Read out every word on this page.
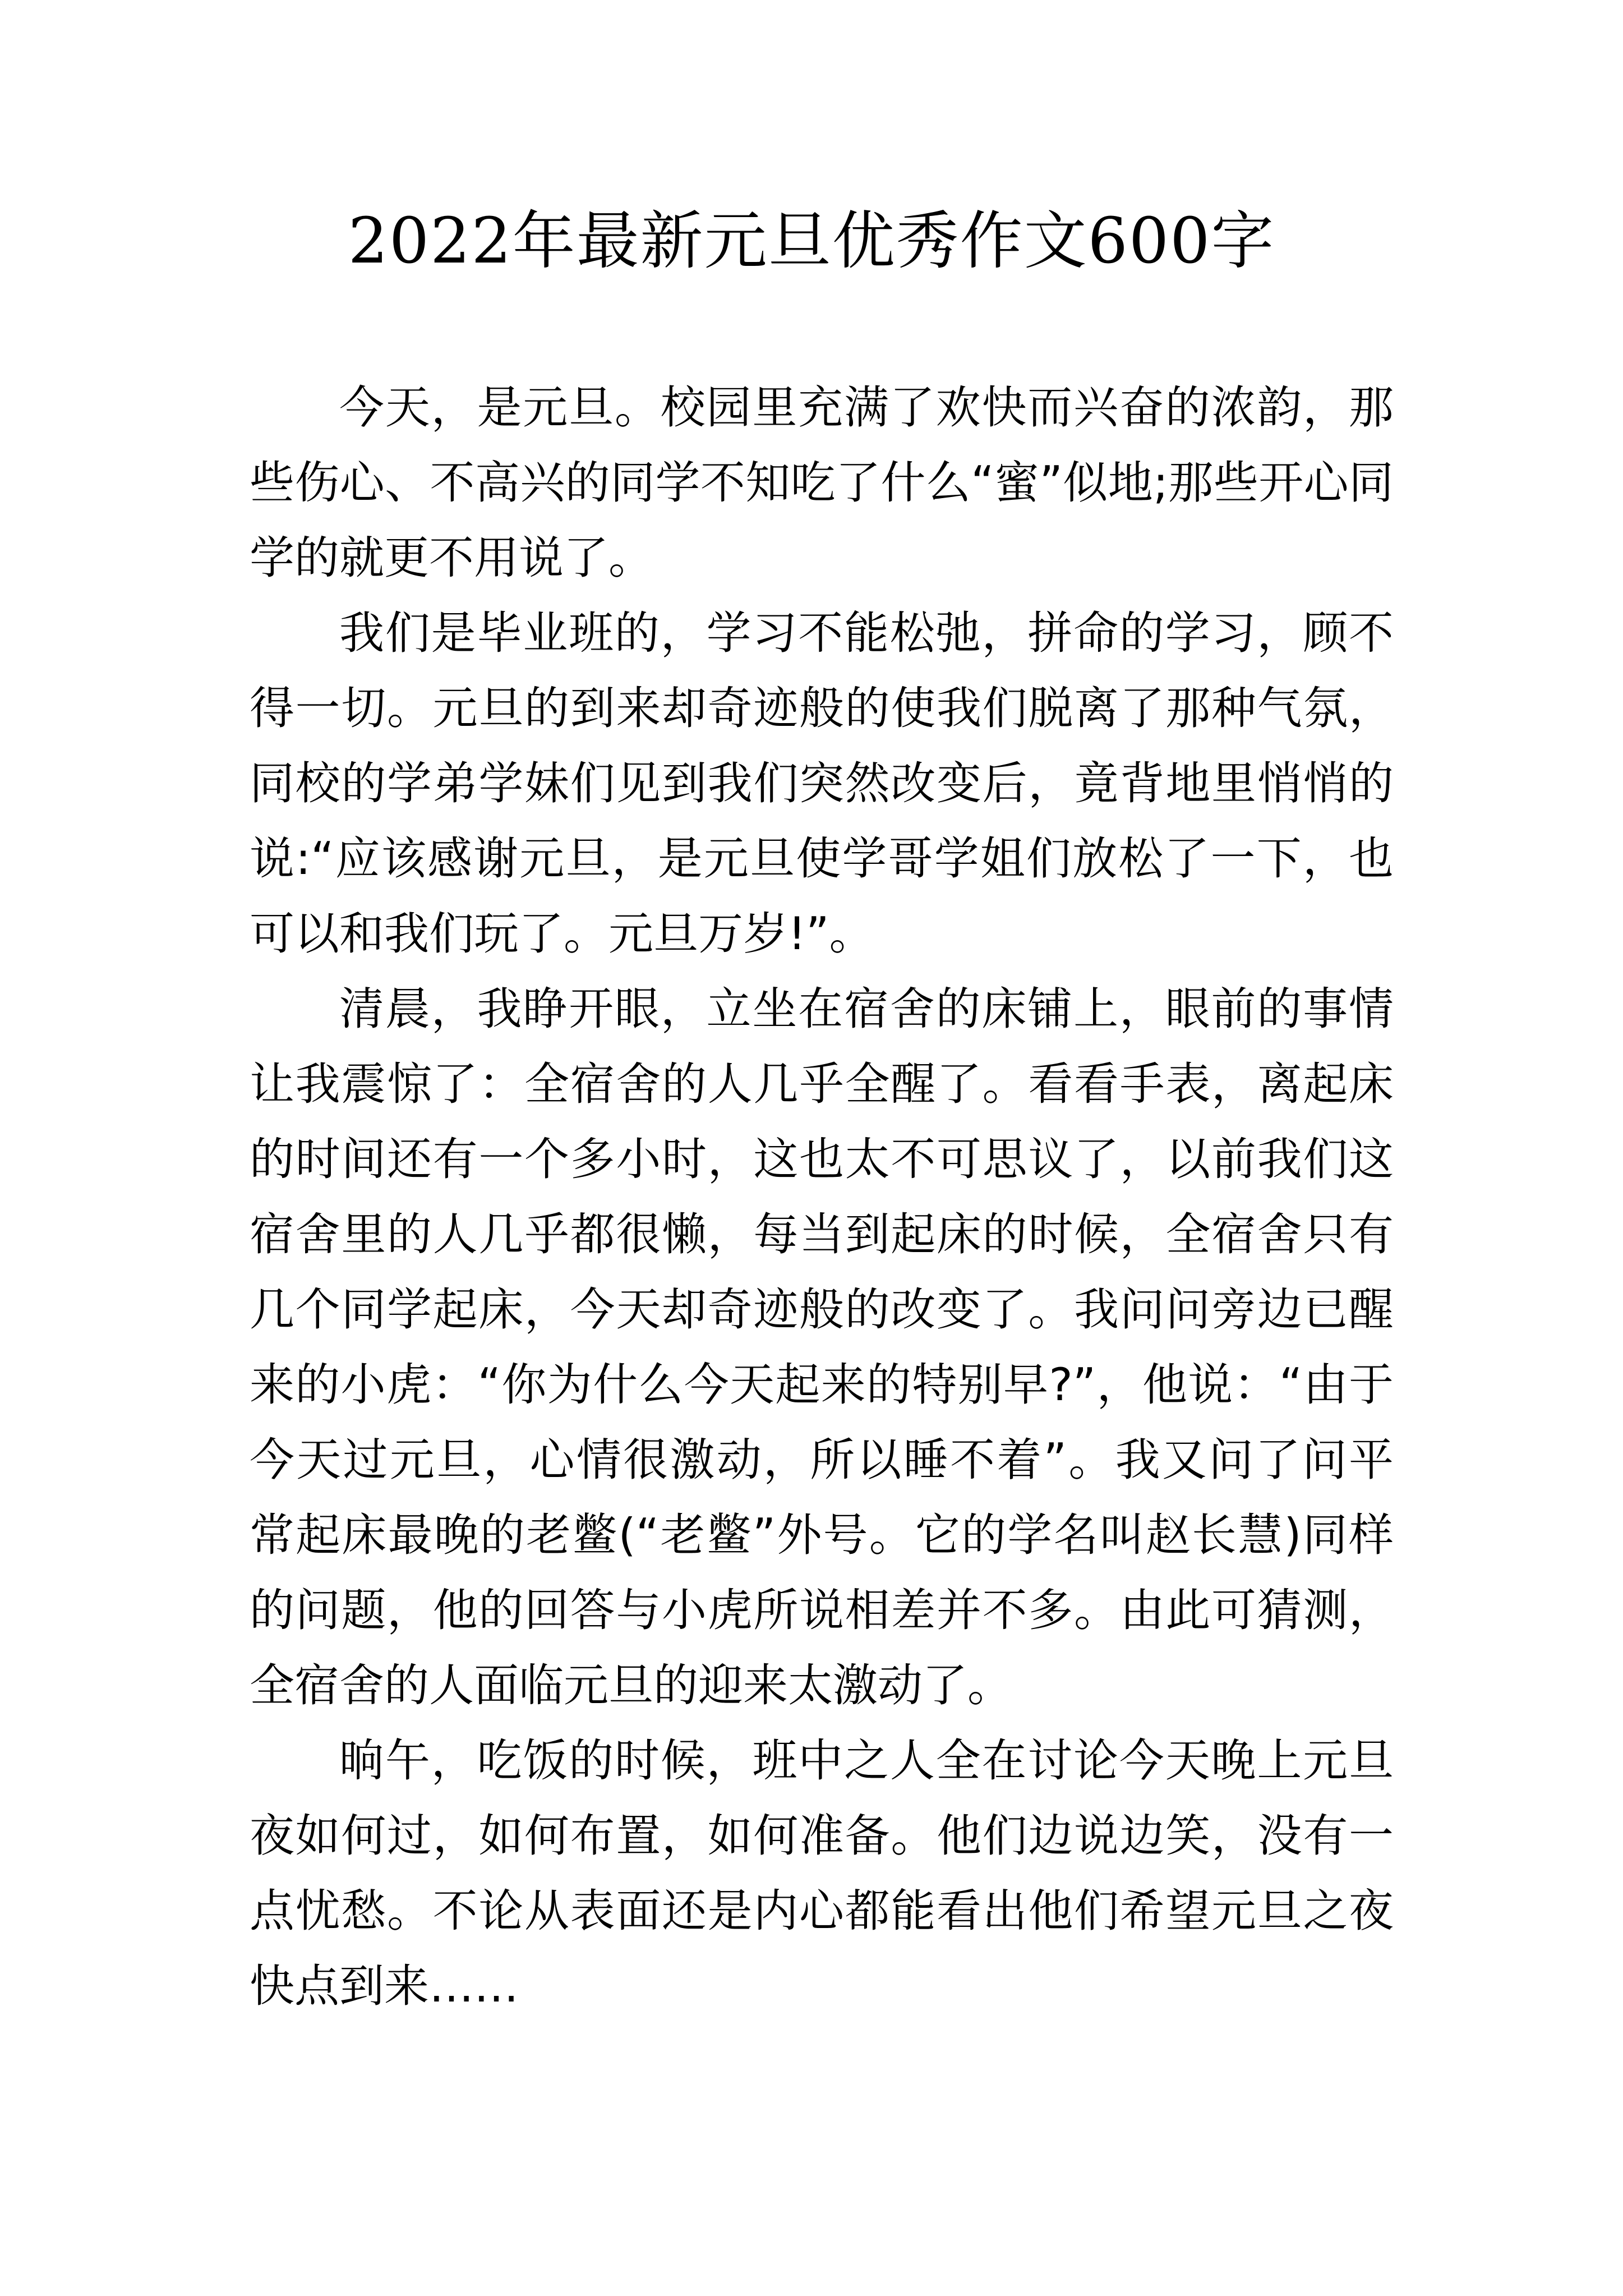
2022年最新元旦优秀作文600字

今天，是元旦。校园里充满了欢快而兴奋的浓韵，那些伤心、不高兴的同学不知吃了什么“蜜”似地;那些开心同学的就更不用说了。

我们是毕业班的，学习不能松弛，拼命的学习，顾不得一切。元旦的到来却奇迹般的使我们脱离了那种气氛，同校的学弟学妹们见到我们突然改变后，竟背地里悄悄的说:“应该感谢元旦，是元旦使学哥学姐们放松了一下，也可以和我们玩了。元旦万岁!”。

清晨，我睁开眼，立坐在宿舍的床铺上，眼前的事情让我震惊了：全宿舍的人几乎全醒了。看看手表，离起床的时间还有一个多小时，这也太不可思议了，以前我们这宿舍里的人几乎都很懒，每当到起床的时候，全宿舍只有几个同学起床，今天却奇迹般的改变了。我问问旁边已醒来的小虎：“你为什么今天起来的特别早?”，他说：“由于今天过元旦，心情很激动，所以睡不着”。我又问了问平常起床最晚的老鳖(“老鳖”外号。它的学名叫赵长慧)同样的问题，他的回答与小虎所说相差并不多。由此可猜测，全宿舍的人面临元旦的迎来太激动了。

晌午，吃饭的时候，班中之人全在讨论今天晚上元旦夜如何过，如何布置，如何准备。他们边说边笑，没有一点忧愁。不论从表面还是内心都能看出他们希望元旦之夜快点到来……
